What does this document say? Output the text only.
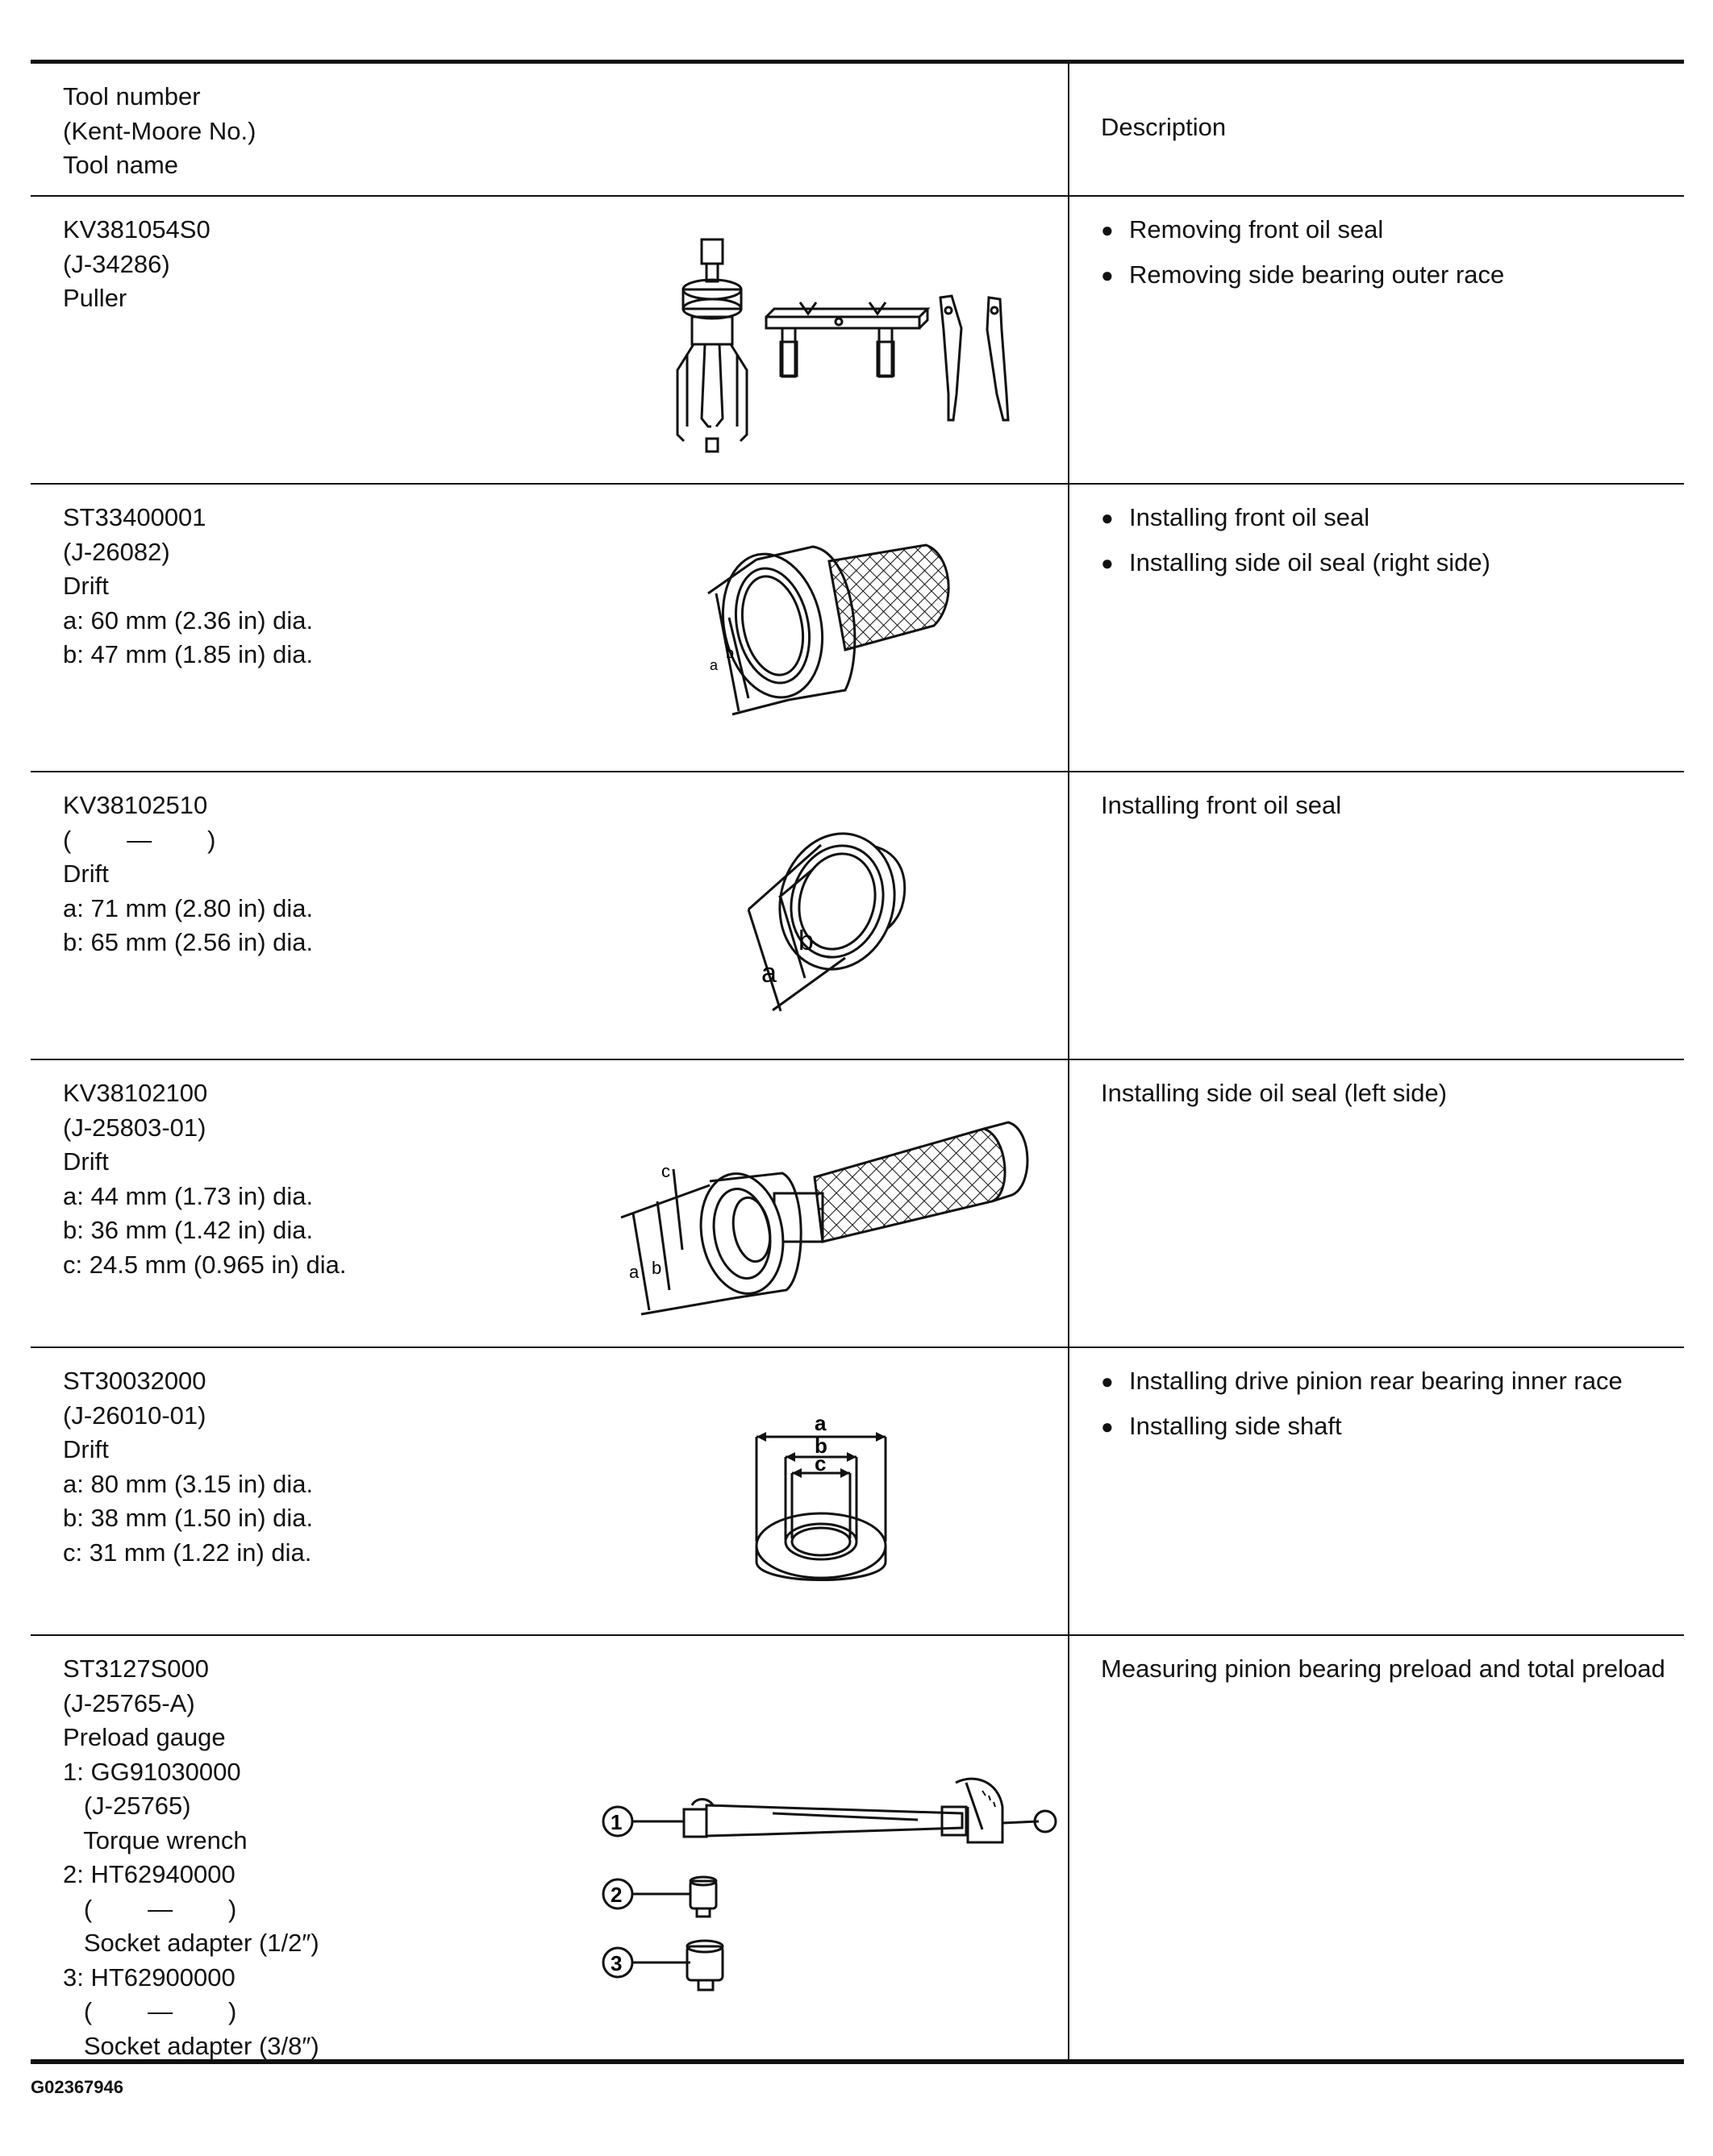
Tool number
(Kent-Moore No.)
Tool name
Description
KV381054S0
(J-34286)
Puller
● Removing front oil seal
● Removing side bearing outer race
ST33400001
(J-26082)
Drift
a: 60 mm (2.36 in) dia.
b: 47 mm (1.85 in) dia.	a
b
● Installing front oil seal
● Installing side oil seal (right side)
KV38102510
(        —        )
Drift
a: 71 mm (2.80 in) dia.
b: 65 mm (2.56 in) dia.
a
b
Installing front oil seal
KV38102100
(J-25803-01)
Drift
a: 44 mm (1.73 in) dia.
b: 36 mm (1.42 in) dia.
c: 24.5 mm (0.965 in) dia.	a b
c
Installing side oil seal (left side)
ST30032000
(J-26010-01)
Drift
a: 80 mm (3.15 in) dia.
b: 38 mm (1.50 in) dia.
c: 31 mm (1.22 in) dia.
a
b
c
● Installing drive pinion rear bearing inner race
● Installing side shaft
ST3127S000
(J-25765-A)
Preload gauge
1: GG91030000
(J-25765)
Torque wrench
2: HT62940000
(        —        )
Socket adapter (1/2″)
3: HT62900000
(        —        )
Socket adapter (3/8″)
1
2
3
Measuring pinion bearing preload and total preload
G02367946
